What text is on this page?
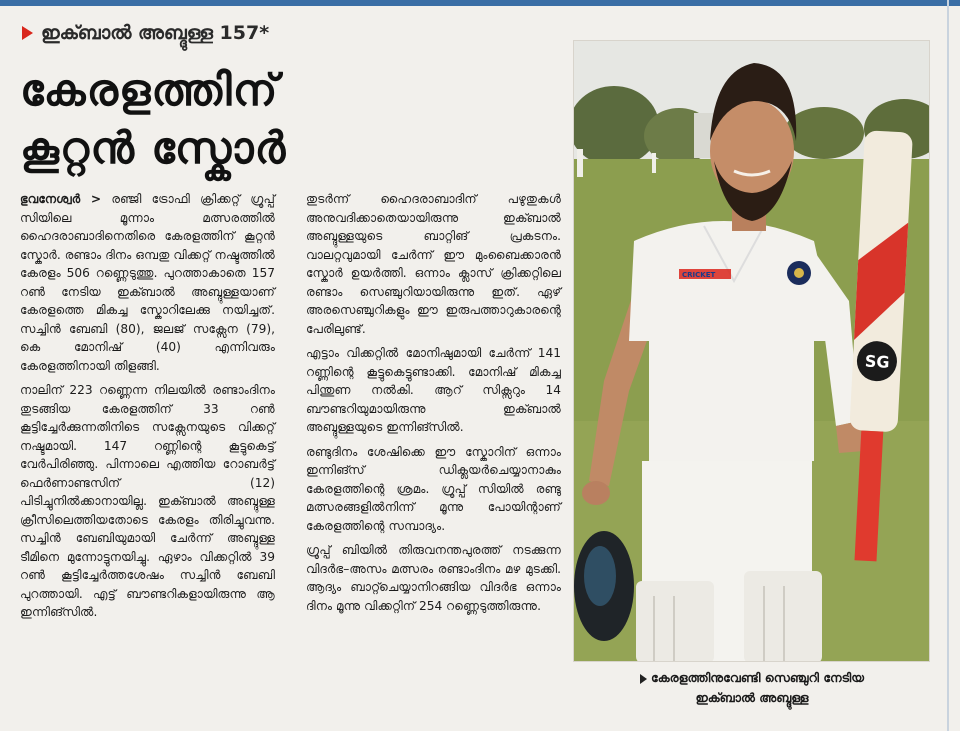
ഇക്ബാൽ അബ്ദുള്ള 157*
കേരളത്തിന്
കൂറ്റൻ സ്കോർ

ഭുവനേശ്വർ > രഞ്ജി ട്രോഫി ക്രിക്കറ്റ് ഗ്രൂപ്പ് സിയിലെ മൂന്നാം മത്സരത്തിൽ ഹൈദരാബാദിനെതിരെ കേരളത്തിന് കൂറ്റൻ സ്കോർ. രണ്ടാം ദിനം ഒമ്പതു വിക്കറ്റ് നഷ്ടത്തിൽ കേരളം 506 റണ്ണെടുത്തു. പുറത്താകാതെ 157 റൺ നേടിയ ഇക്ബാൽ അബ്ദുള്ളയാണ് കേരളത്തെ മികച്ച സ്കോറിലേക്കു നയിച്ചത്. സച്ചിൻ ബേബി (80), ജലജ് സക്സേന (79), കെ മോനിഷ് (40) എന്നിവരും കേരളത്തിനായി തിളങ്ങി.

നാലിന് 223 റണ്ണെന്ന നിലയിൽ രണ്ടാംദിനം തുടങ്ങിയ കേരളത്തിന് 33 റൺ കൂട്ടിച്ചേർക്കുന്നതിനിടെ സക്സേനയുടെ വിക്കറ്റ് നഷ്ടമായി. 147 റണ്ണിന്റെ കൂട്ടുകെട്ട് വേർപിരിഞ്ഞു. പിന്നാലെ എത്തിയ റോബർട്ട് ഫെർണാണ്ടസിന് (12) പിടിച്ചുനിൽക്കാനായില്ല. ഇക്ബാൽ അബ്ദുള്ള ക്രീസിലെത്തിയതോടെ കേരളം തിരിച്ചുവന്നു. സച്ചിൻ ബേബിയുമായി ചേർന്ന് അബ്ദുള്ള ടീമിനെ മുന്നോട്ടുനയിച്ചു. ഏഴാം വിക്കറ്റിൽ 39 റൺ കൂട്ടിച്ചേർത്തശേഷം സച്ചിൻ ബേബി പുറത്തായി. എട്ട് ബൗണ്ടറികളായിരുന്നു ആ ഇന്നിങ്സിൽ.

തുടർന്ന് ഹൈദരാബാദിന് പഴുതുകൾ അനുവദിക്കാതെയായിരുന്നു ഇക്ബാൽ അബ്ദുള്ളയുടെ ബാറ്റിങ് പ്രകടനം. വാലറ്റവുമായി ചേർന്ന് ഈ മുംബൈക്കാരൻ സ്കോർ ഉയർത്തി. ഒന്നാം ക്ലാസ് ക്രിക്കറ്റിലെ രണ്ടാം സെഞ്ചുറിയായിരുന്നു ഇത്. ഏഴ് അരസെഞ്ചുറികളും ഈ ഇരുപത്താറുകാരന്റെ പേരിലുണ്ട്.

എട്ടാം വിക്കറ്റിൽ മോനിഷുമായി ചേർന്ന് 141 റണ്ണിന്റെ കൂട്ടുകെട്ടുണ്ടാക്കി. മോനിഷ് മികച്ച പിന്തുണ നൽകി. ആറ് സിക്സറും 14 ബൗണ്ടറിയുമായിരുന്നു ഇക്ബാൽ അബ്ദുള്ളയുടെ ഇന്നിങ്സിൽ.

രണ്ടുദിനം ശേഷിക്കെ ഈ സ്കോറിന് ഒന്നാം ഇന്നിങ്സ് ഡിക്ലയർചെയ്യാനാകും കേരളത്തിന്റെ ശ്രമം. ഗ്രൂപ്പ് സിയിൽ രണ്ടു മത്സരങ്ങളിൽനിന്ന് മൂന്നു പോയിന്റാണ് കേരളത്തിന്റെ സമ്പാദ്യം.

ഗ്രൂപ്പ് ബിയിൽ തിരുവനന്തപുരത്ത് നടക്കുന്ന വിദർഭ–അസം മത്സരം രണ്ടാംദിനം മഴ മുടക്കി. ആദ്യം ബാറ്റ്ചെയ്യാനിറങ്ങിയ വിദർഭ ഒന്നാം ദിനം മൂന്നു വിക്കറ്റിന് 254 റണ്ണെടുത്തിരുന്നു.

CRICKET
SG
കേരളത്തിനുവേണ്ടി സെഞ്ചുറി നേടിയ
ഇക്ബാൽ അബ്ദുള്ള
